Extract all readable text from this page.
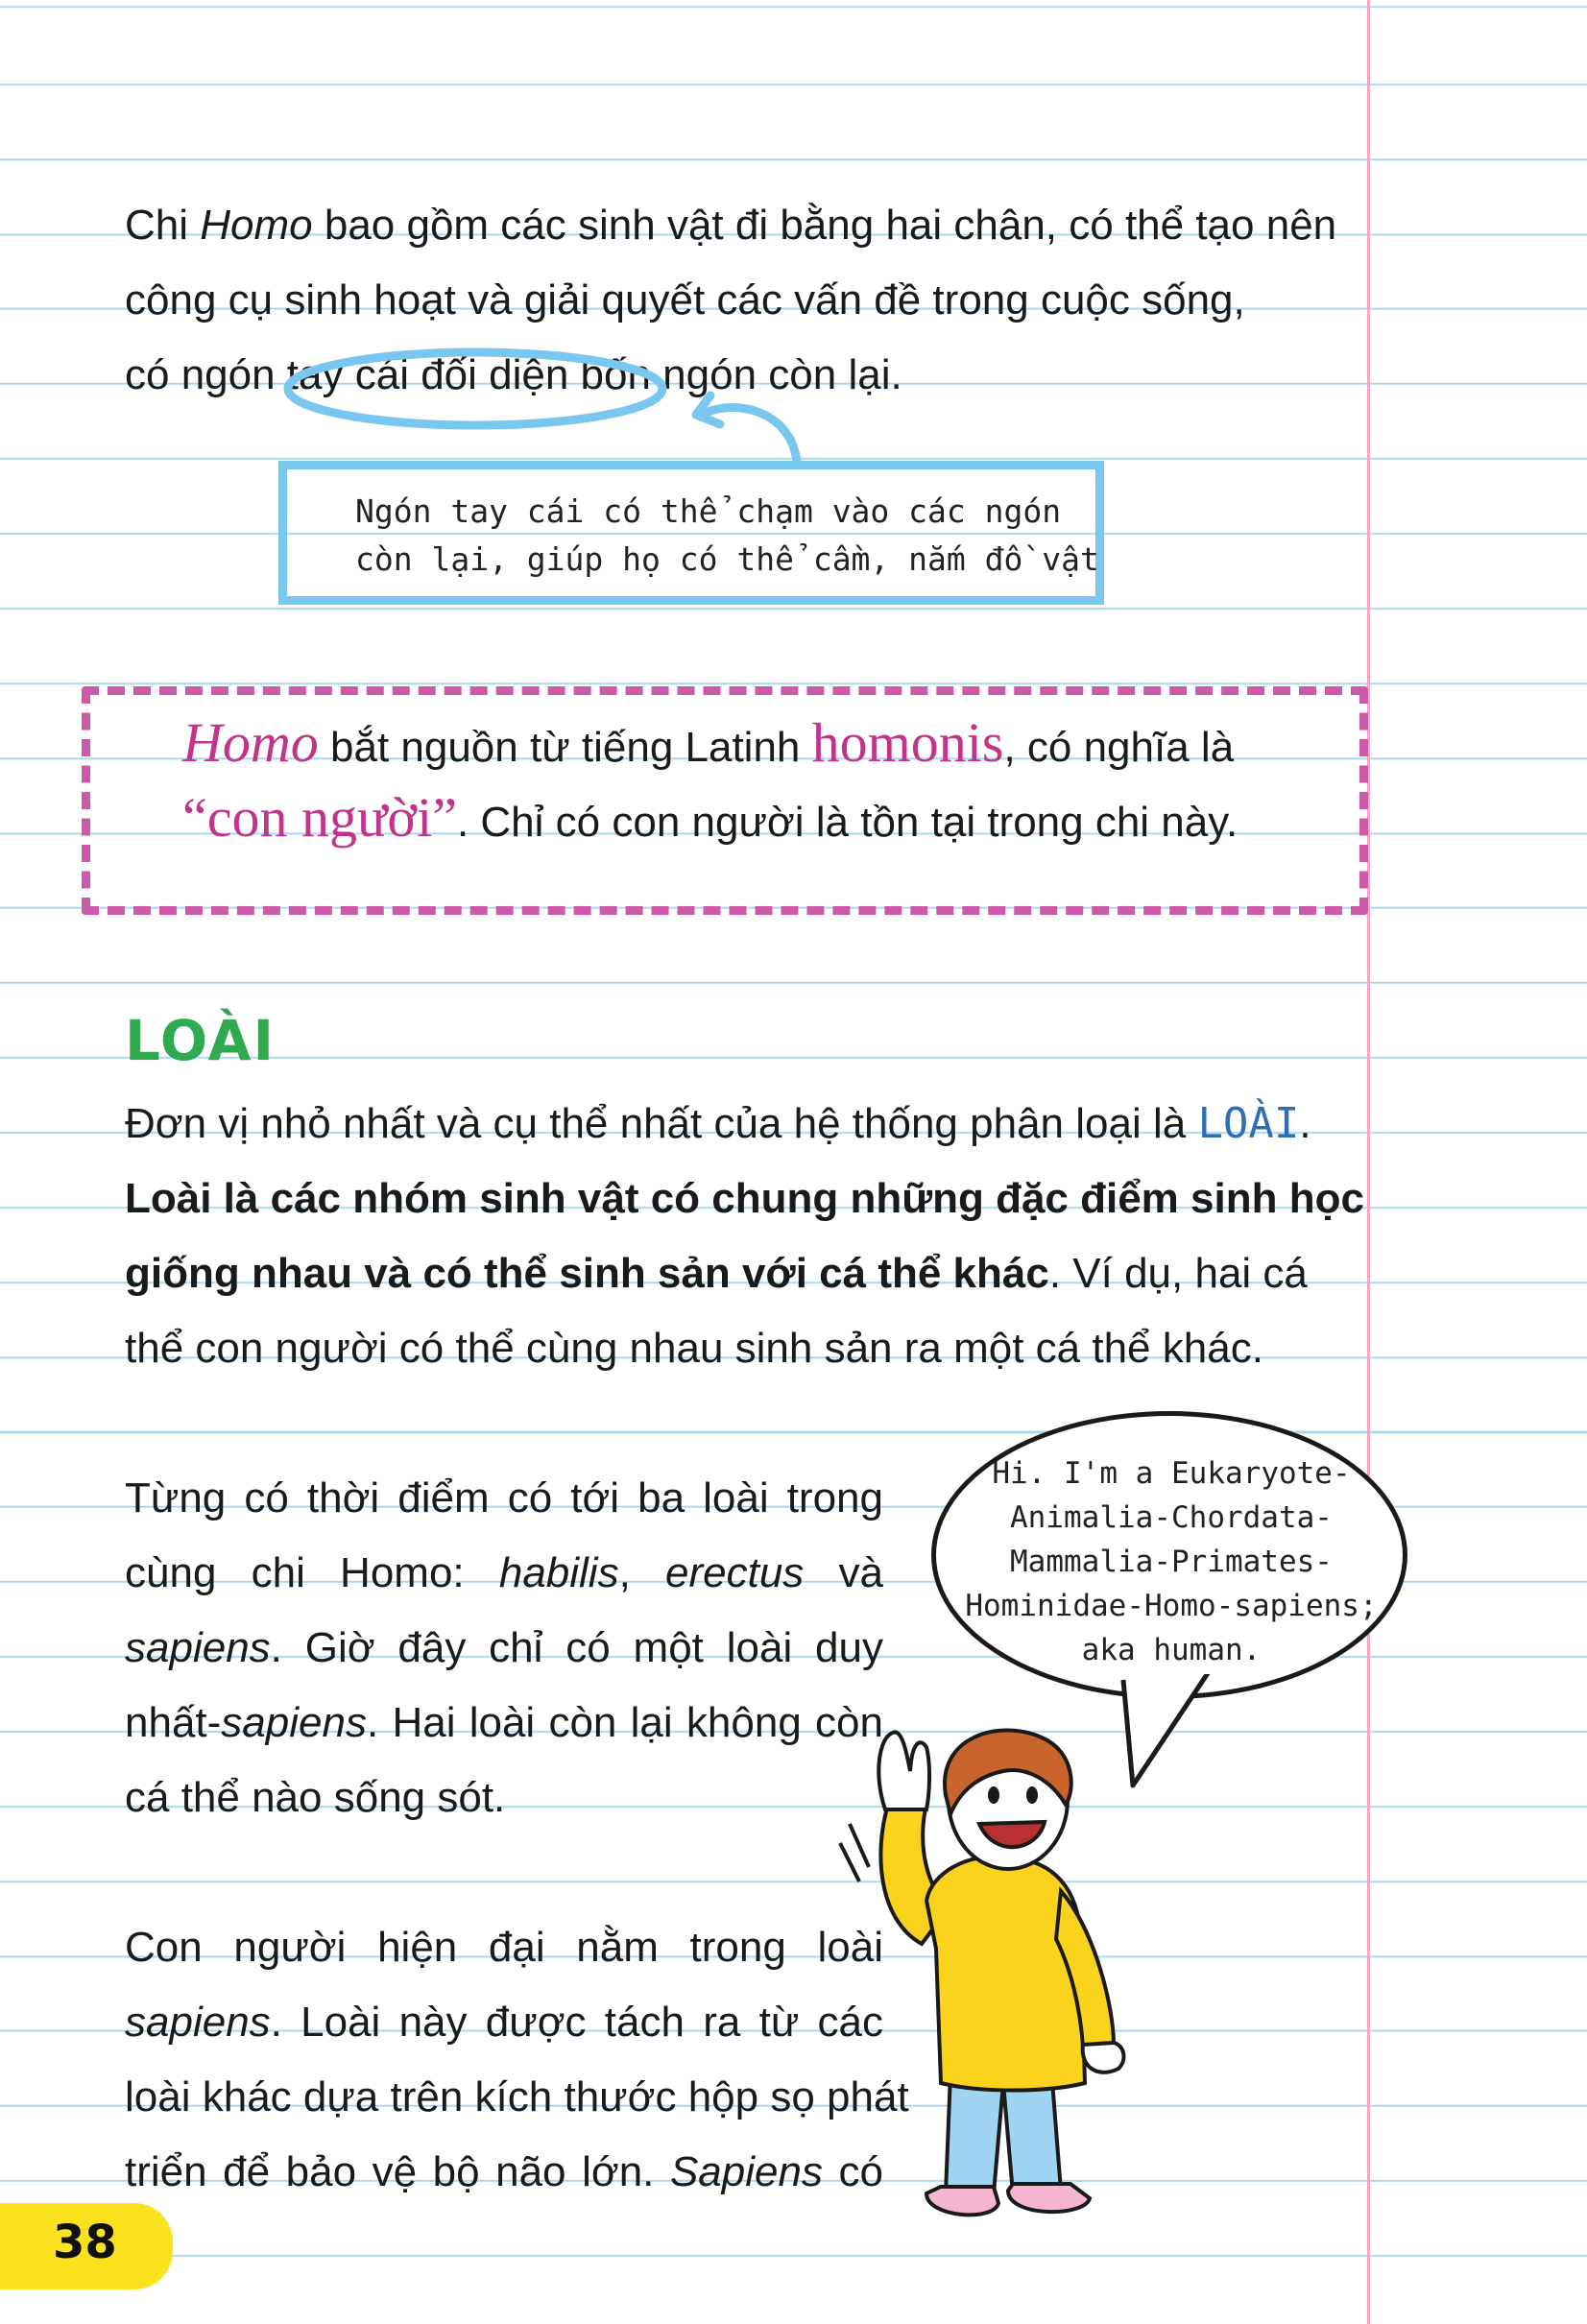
Chi Homo bao gồm các sinh vật đi bằng hai chân, có thể tạo nên
công cụ sinh hoạt và giải quyết các vấn đề trong cuộc sống,
có ngón tay cái đối diện bốn ngón còn lại.
Ngón tay cái có thể chạm vào các ngón
còn lại, giúp họ có thể cầm, nắm đồ vật
Homo bắt nguồn từ tiếng Latinh homonis, có nghĩa là
“con người”. Chỉ có con người là tồn tại trong chi này.
LOÀI
Đơn vị nhỏ nhất và cụ thể nhất của hệ thống phân loại là LOÀI.
Loài là các nhóm sinh vật có chung những đặc điểm sinh học
giống nhau và có thể sinh sản với cá thể khác. Ví dụ, hai cá
thể con người có thể cùng nhau sinh sản ra một cá thể khác.
Từng có thời điểm có tới ba loài trong
cùng chi Homo: habilis, erectus và
sapiens. Giờ đây chỉ có một loài duy
nhất-sapiens. Hai loài còn lại không còn
cá thể nào sống sót.
Con người hiện đại nằm trong loài
sapiens. Loài này được tách ra từ các
loài khác dựa trên kích thước hộp sọ phát
triển để bảo vệ bộ não lớn. Sapiens có
Hi. I'm a Eukaryote-
Animalia-Chordata-
Mammalia-Primates-
Hominidae-Homo-sapiens;
aka human.
38
